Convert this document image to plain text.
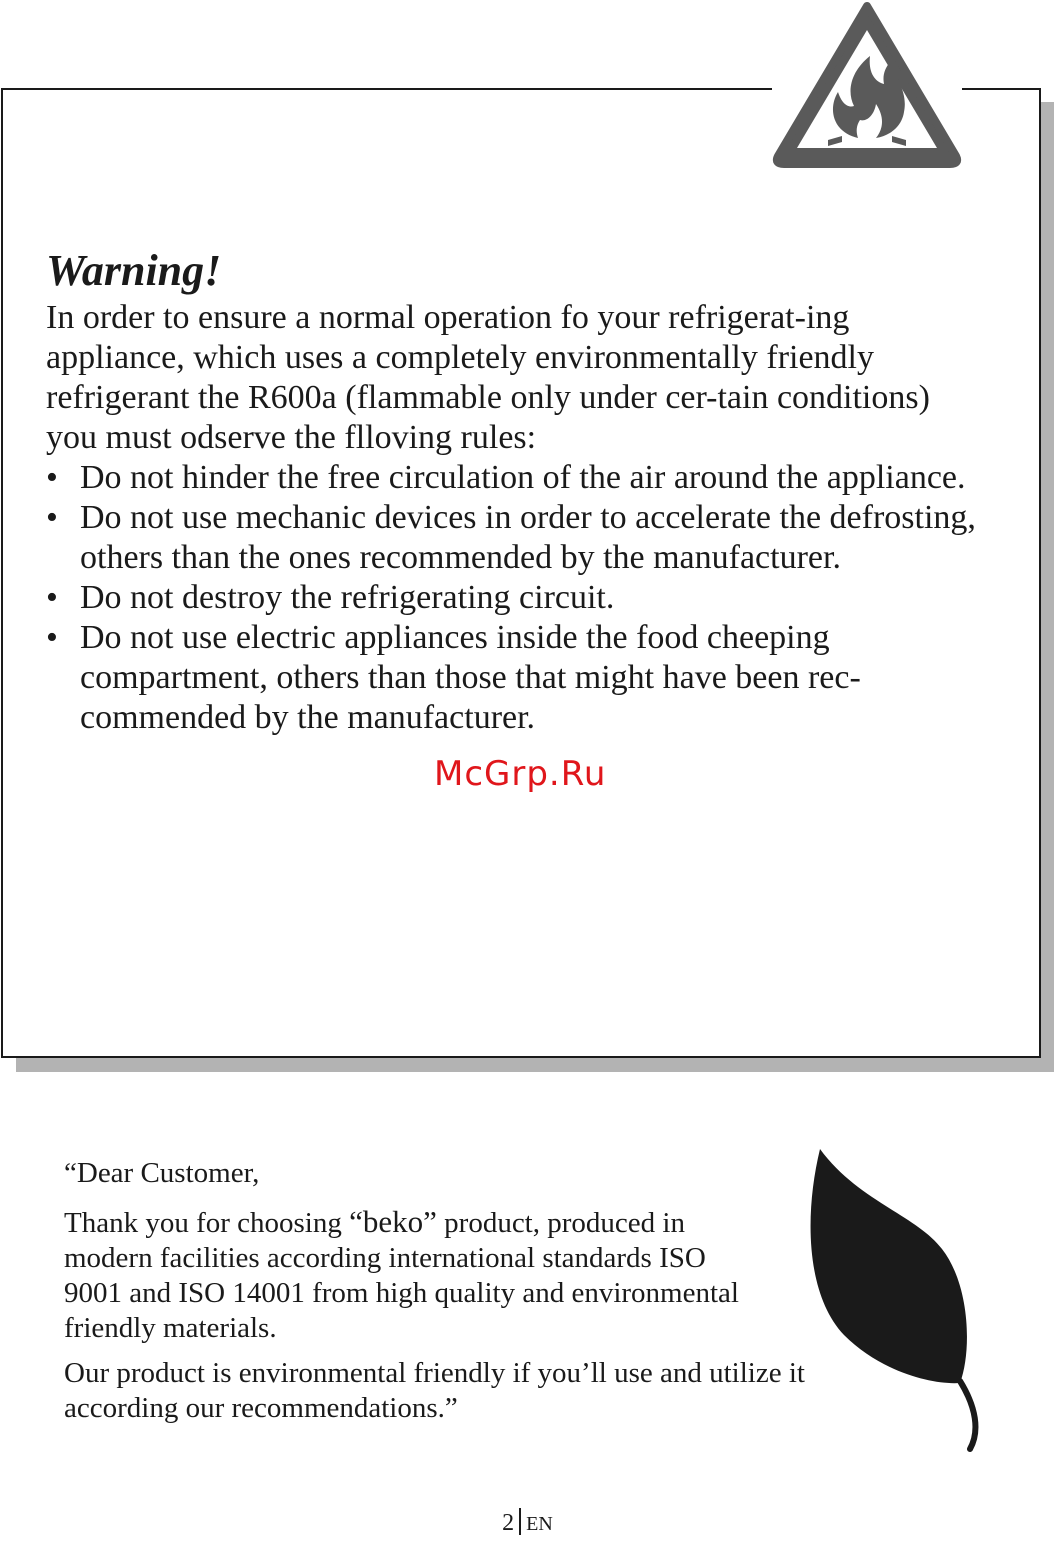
Warning!

In order to ensure a normal operation fo your refrigerat-ing appliance, which uses a completely environmentally friendly refrigerant the R600a (flammable only under cer-tain conditions) you must odserve the flloving rules:

• Do not hinder the free circulation of the air around the appliance.
• Do not use mechanic devices in order to accelerate the defrosting, others than the ones recommended by the manufacturer.
• Do not destroy the refrigerating circuit.
• Do not use electric appliances inside the food cheeping compartment, others than those that might have been rec-commended by the manufacturer.
McGrp.Ru

“Dear Customer,

Thank you for choosing “beko” product, produced in modern facilities according international standards ISO 9001 and ISO 14001 from high quality and environmental friendly materials.

Our product is environmental friendly if you’ll use and utilize it according our recommendations.”

2 EN
